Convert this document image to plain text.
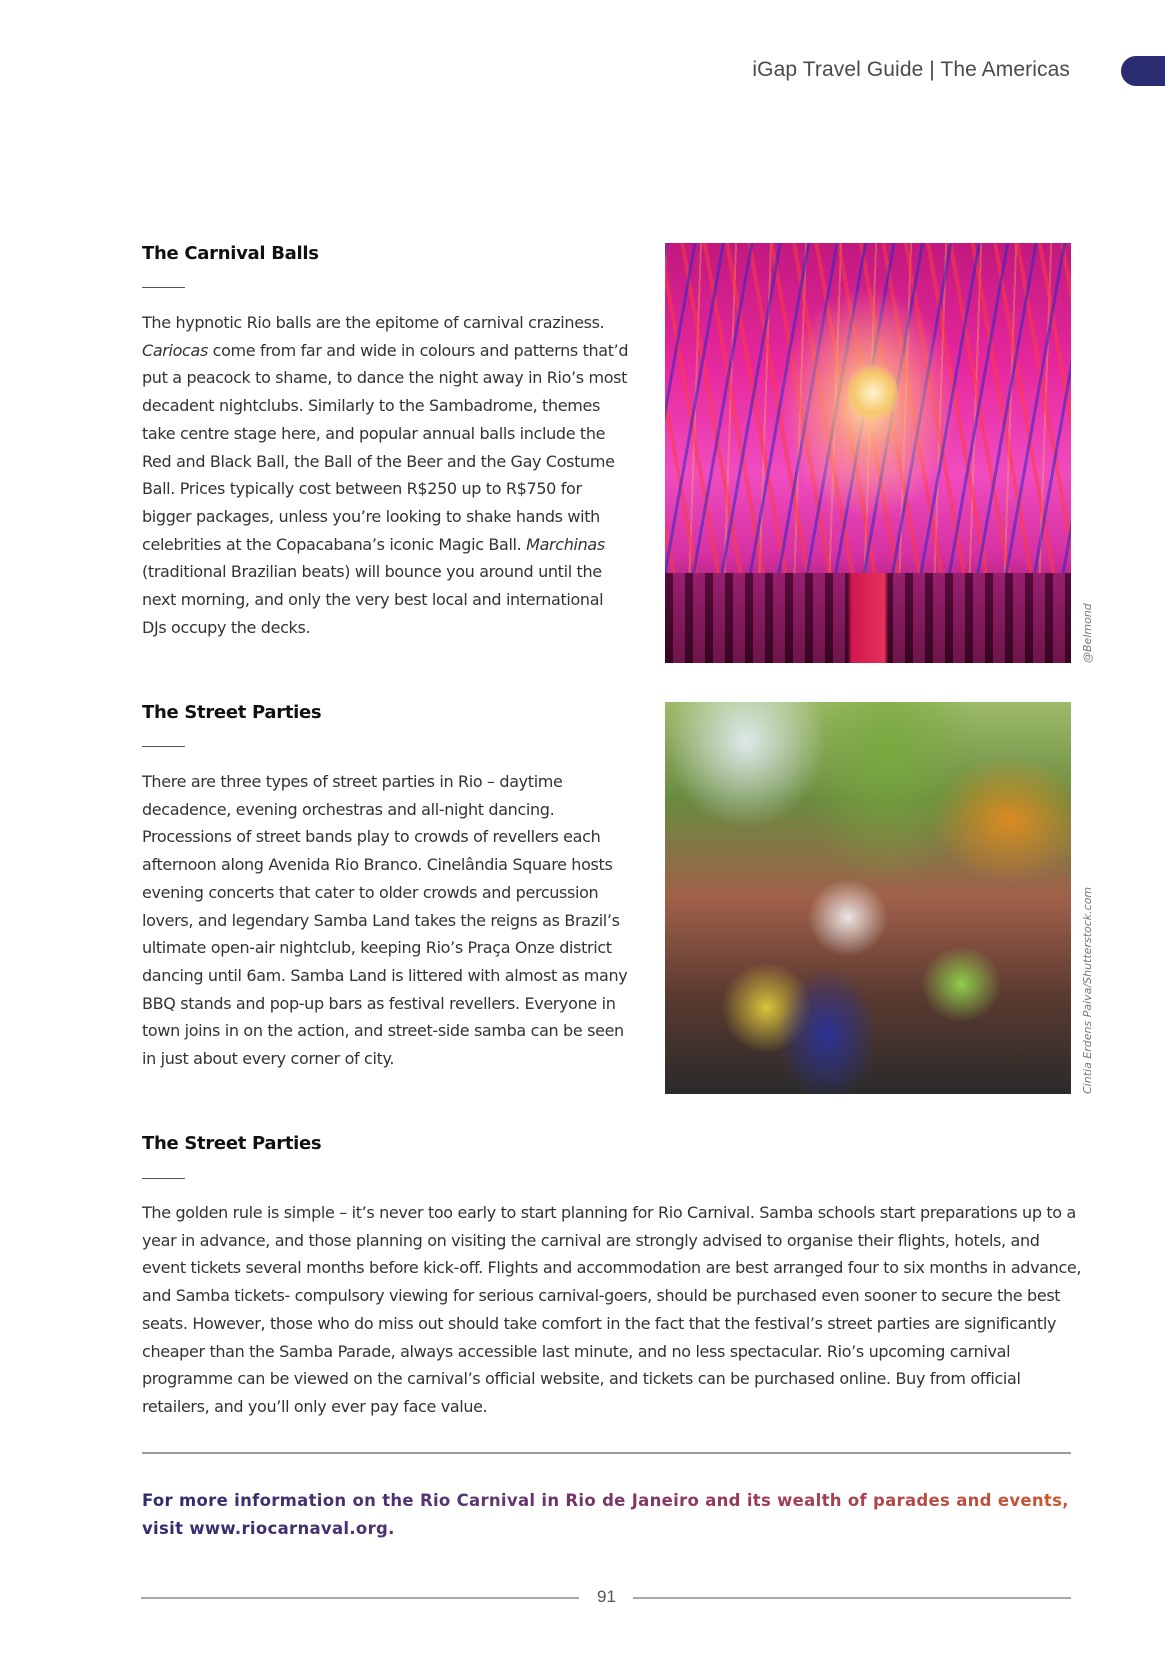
iGap Travel Guide | The Americas
The Carnival Balls
The hypnotic Rio balls are the epitome of carnival craziness. Cariocas come from far and wide in colours and patterns that’d put a peacock to shame, to dance the night away in Rio’s most decadent nightclubs. Similarly to the Sambadrome, themes take centre stage here, and popular annual balls include the Red and Black Ball, the Ball of the Beer and the Gay Costume Ball. Prices typically cost between R$250 up to R$750 for bigger packages, unless you’re looking to shake hands with celebrities at the Copacabana’s iconic Magic Ball. Marchinas (traditional Brazilian beats) will bounce you around until the next morning, and only the very best local and international DJs occupy the decks.	@Belmond
The Street Parties
There are three types of street parties in Rio – daytime decadence, evening orchestras and all-night dancing. Processions of street bands play to crowds of revellers each afternoon along Avenida Rio Branco. Cinelândia Square hosts evening concerts that cater to older crowds and percussion lovers, and legendary Samba Land takes the reigns as Brazil’s ultimate open-air nightclub, keeping Rio’s Praça Onze district dancing until 6am. Samba Land is littered with almost as many BBQ stands and pop-up bars as festival revellers. Everyone in town joins in on the action, and street-side samba can be seen in just about every corner of city.	Cintia Erdens Paiva/Shutterstock.com
The Street Parties
The golden rule is simple – it’s never too early to start planning for Rio Carnival. Samba schools start preparations up to a year in advance, and those planning on visiting the carnival are strongly advised to organise their flights, hotels, and event tickets several months before kick-off. Flights and accommodation are best arranged four to six months in advance, and Samba tickets- compulsory viewing for serious carnival-goers, should be purchased even sooner to secure the best seats. However, those who do miss out should take comfort in the fact that the festival’s street parties are significantly cheaper than the Samba Parade, always accessible last minute, and no less spectacular. Rio’s upcoming carnival programme can be viewed on the carnival’s official website, and tickets can be purchased online. Buy from official retailers, and you’ll only ever pay face value.
For more information on the Rio Carnival in Rio de Janeiro and its wealth of parades and events,
visit www.riocarnaval.org.
91
